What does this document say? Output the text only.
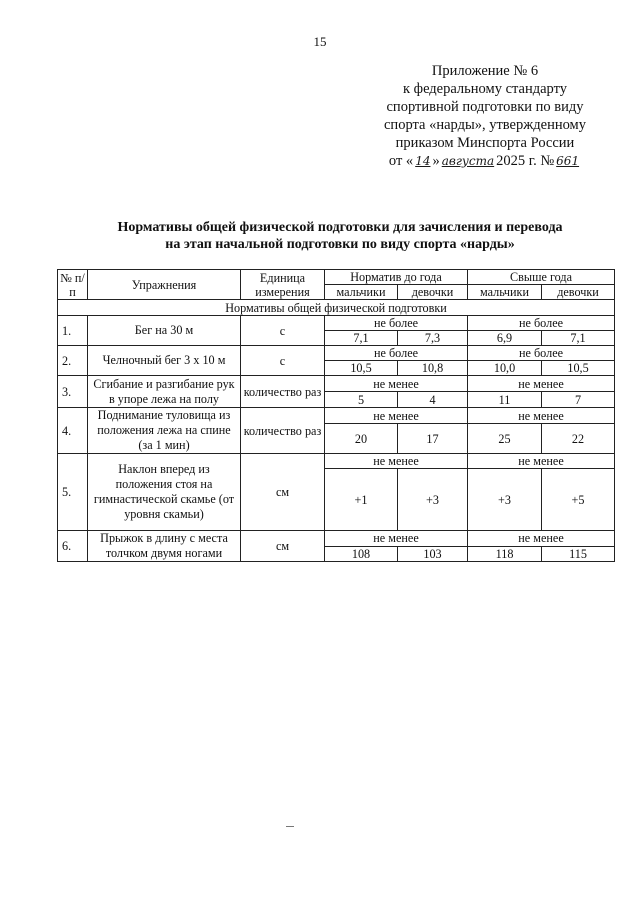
15
Приложение № 6
к федеральному стандарту
спортивной подготовки по виду
спорта «нарды», утвержденному
приказом Минспорта России
от « 14 » августа 2025 г. № 661
Нормативы общей физической подготовки для зачисления и перевода
на этап начальной подготовки по виду спорта «нарды»
№ п/п	Упражнения	Единица измерения	Норматив до года		Свыше года	
			мальчики	девочки	мальчики	девочки
Нормативы общей физической подготовки						
1.	Бег на 30 м	с	не более		не более	
			7,1	7,3	6,9	7,1
2.	Челночный бег 3 х 10 м	с	не более		не более	
			10,5	10,8	10,0	10,5
3.	Сгибание и разгибание рук в упоре лежа на полу	количество раз	не менее		не менее	
			5	4	11	7
4.	Поднимание туловища из положения лежа на спине (за 1 мин)	количество раз	не менее		не менее	
			20	17	25	22
5.	Наклон вперед из положения стоя на гимнастической скамье (от уровня скамьи)	см	не менее		не менее	
			+1	+3	+3	+5
6.	Прыжок в длину с места толчком двумя ногами	см	не менее		не менее	
			108	103	118	115
